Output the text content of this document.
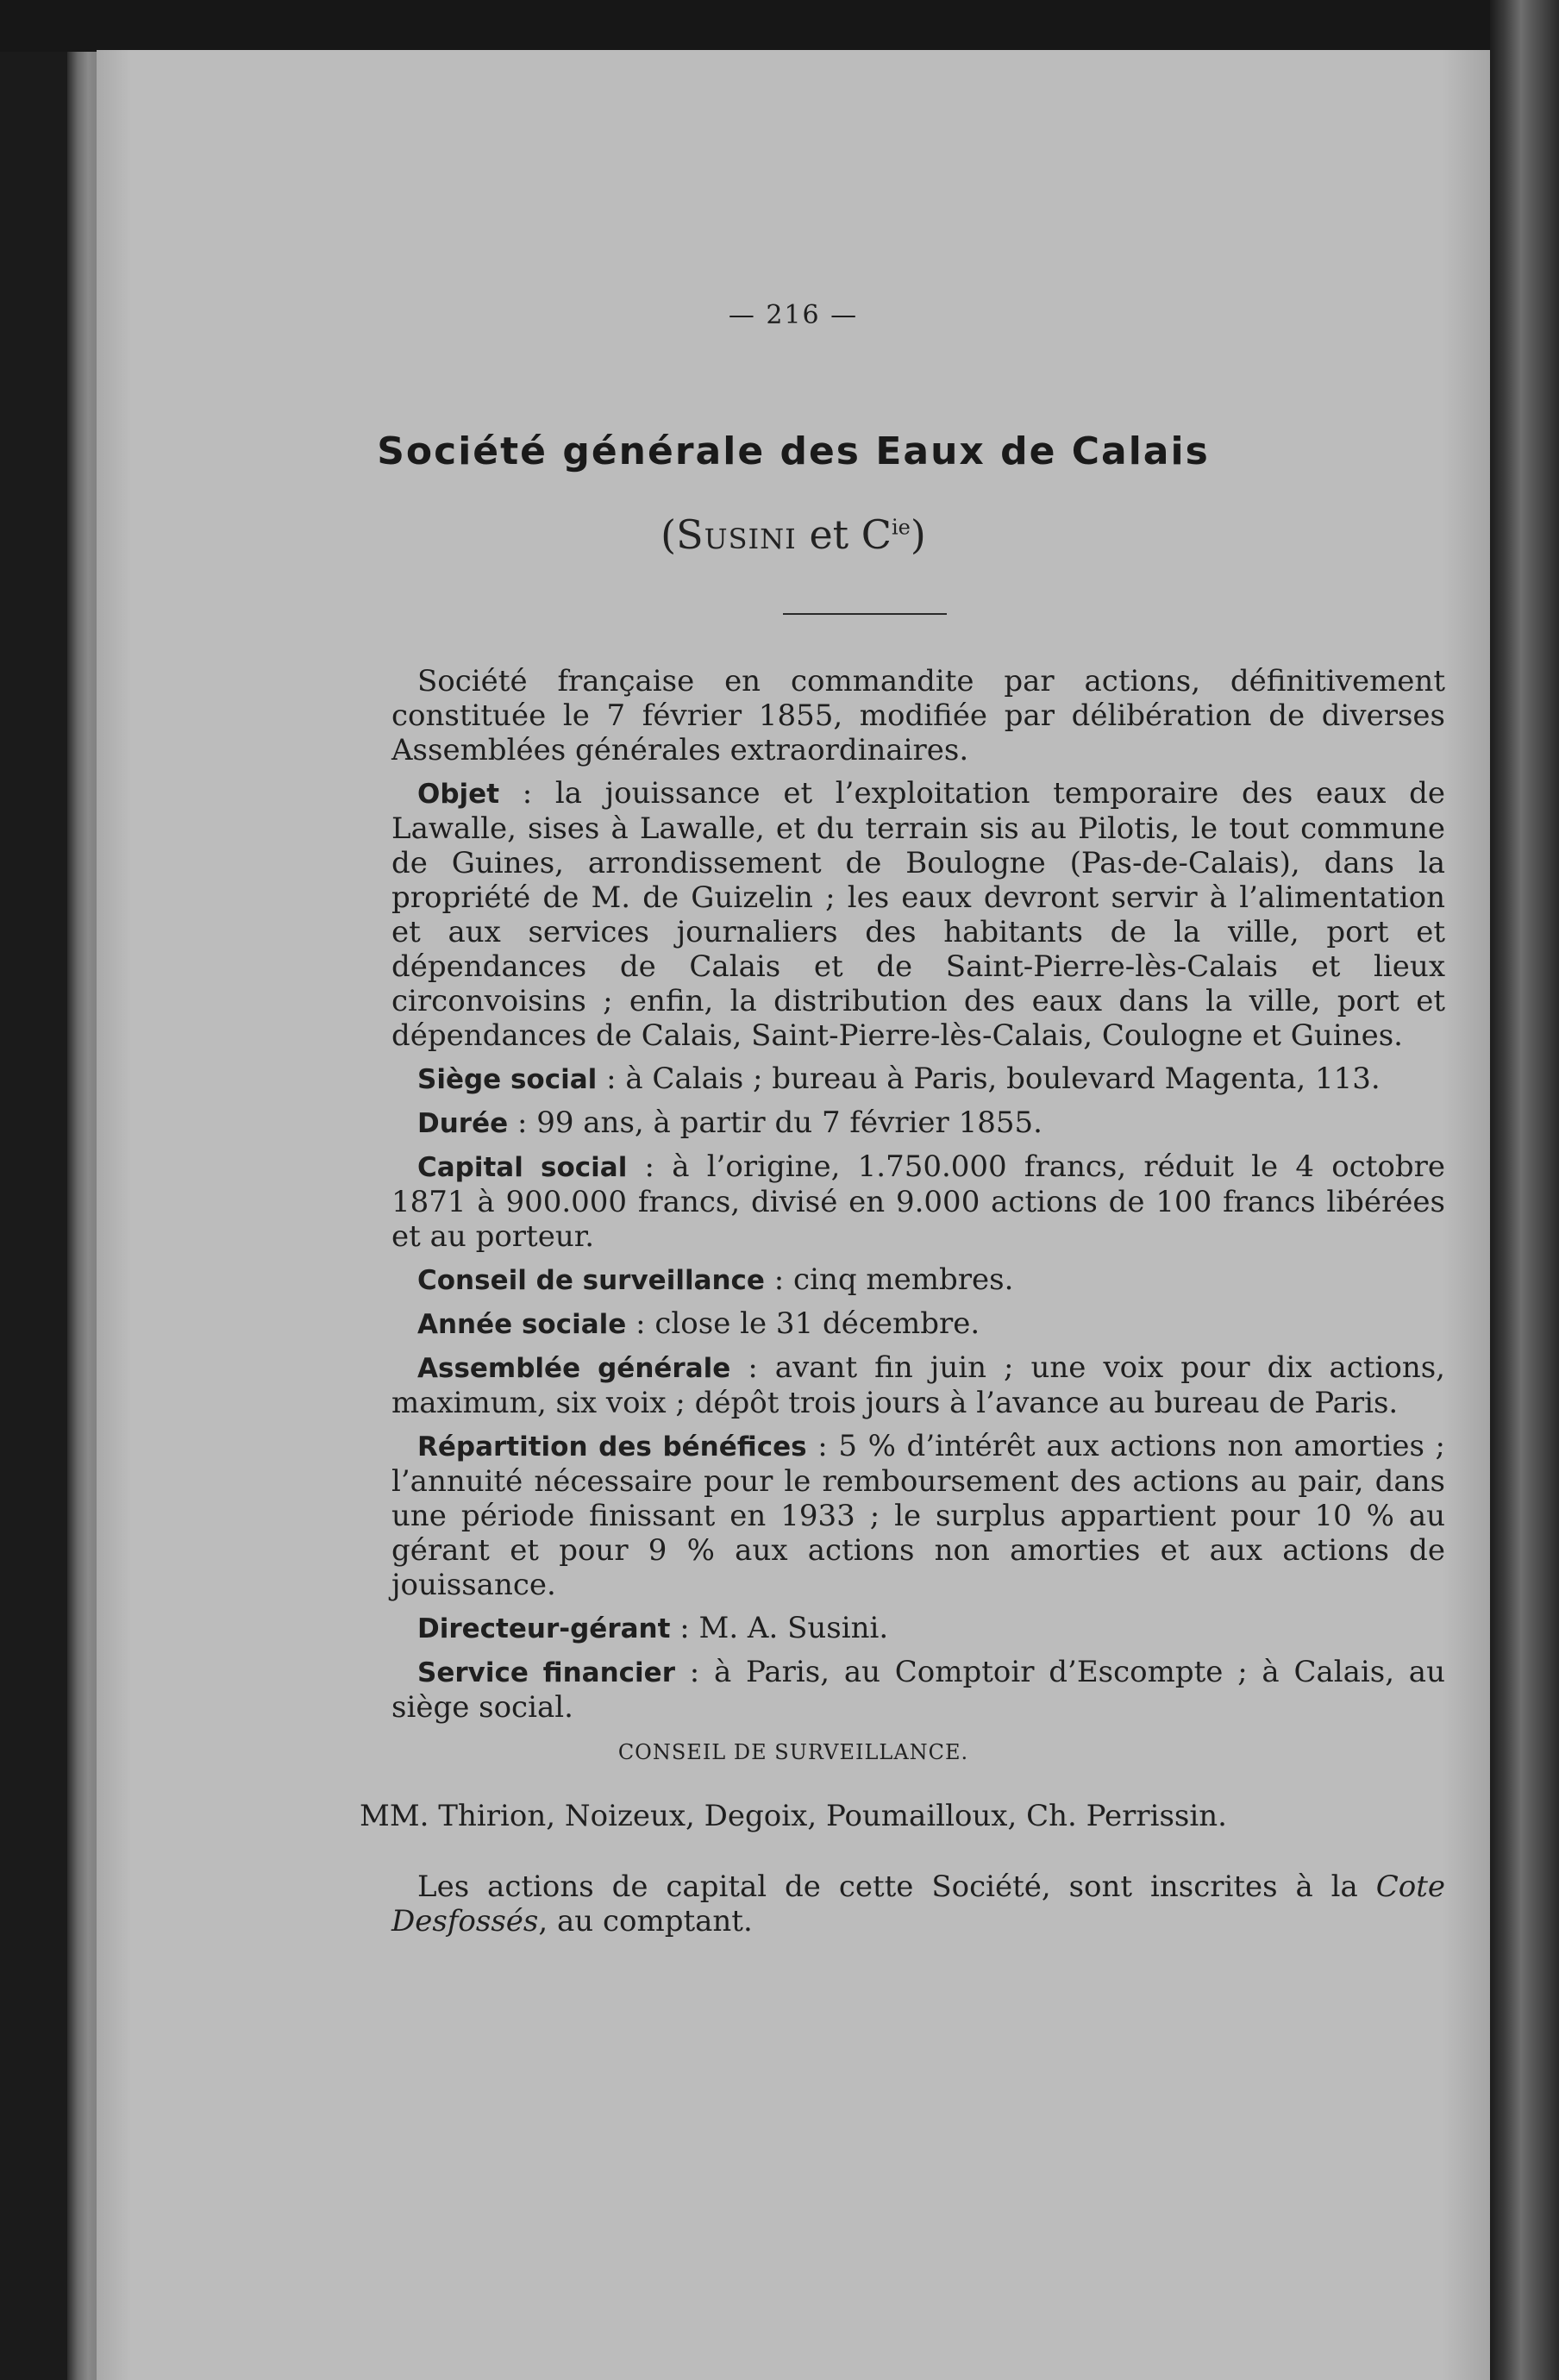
— 216 —
Société générale des Eaux de Calais
(Susini et $C^{ie}$)

Société française en commandite par actions, définitivement constituée le 7 février 1855, modifiée par délibération de diverses Assemblées générales extraordinaires.

Objet : la jouissance et l’exploitation temporaire des eaux de Lawalle, sises à Lawalle, et du terrain sis au Pilotis, le tout commune de Guines, arrondissement de Boulogne (Pas-de-Calais), dans la propriété de M. de Guizelin ; les eaux devront servir à l’alimentation et aux services journaliers des habitants de la ville, port et dépendances de Calais et de Saint-Pierre-lès-Calais et lieux circonvoisins ; enfin, la distribution des eaux dans la ville, port et dépendances de Calais, Saint-Pierre-lès-Calais, Coulogne et Guines.

Siège social : à Calais ; bureau à Paris, boulevard Magenta, 113.

Durée : 99 ans, à partir du 7 février 1855.

Capital social : à l’origine, 1.750.000 francs, réduit le 4 octobre 1871 à 900.000 francs, divisé en 9.000 actions de 100 francs libérées et au porteur.

Conseil de surveillance : cinq membres.

Année sociale : close le 31 décembre.

Assemblée générale : avant fin juin ; une voix pour dix actions, maximum, six voix ; dépôt trois jours à l’avance au bureau de Paris.

Répartition des bénéfices : 5 % d’intérêt aux actions non amorties ; l’annuité nécessaire pour le remboursement des actions au pair, dans une période finissant en 1933 ; le surplus appartient pour 10 % au gérant et pour 9 % aux actions non amorties et aux actions de jouissance.

Directeur-gérant : M. A. Susini.

Service financier : à Paris, au Comptoir d’Escompte ; à Calais, au siège social.

CONSEIL DE SURVEILLANCE.
MM. Thirion, Noizeux, Degoix, Poumailloux, Ch. Perrissin.
Les actions de capital de cette Société, sont inscrites à la Cote Desfossés, au comptant.
